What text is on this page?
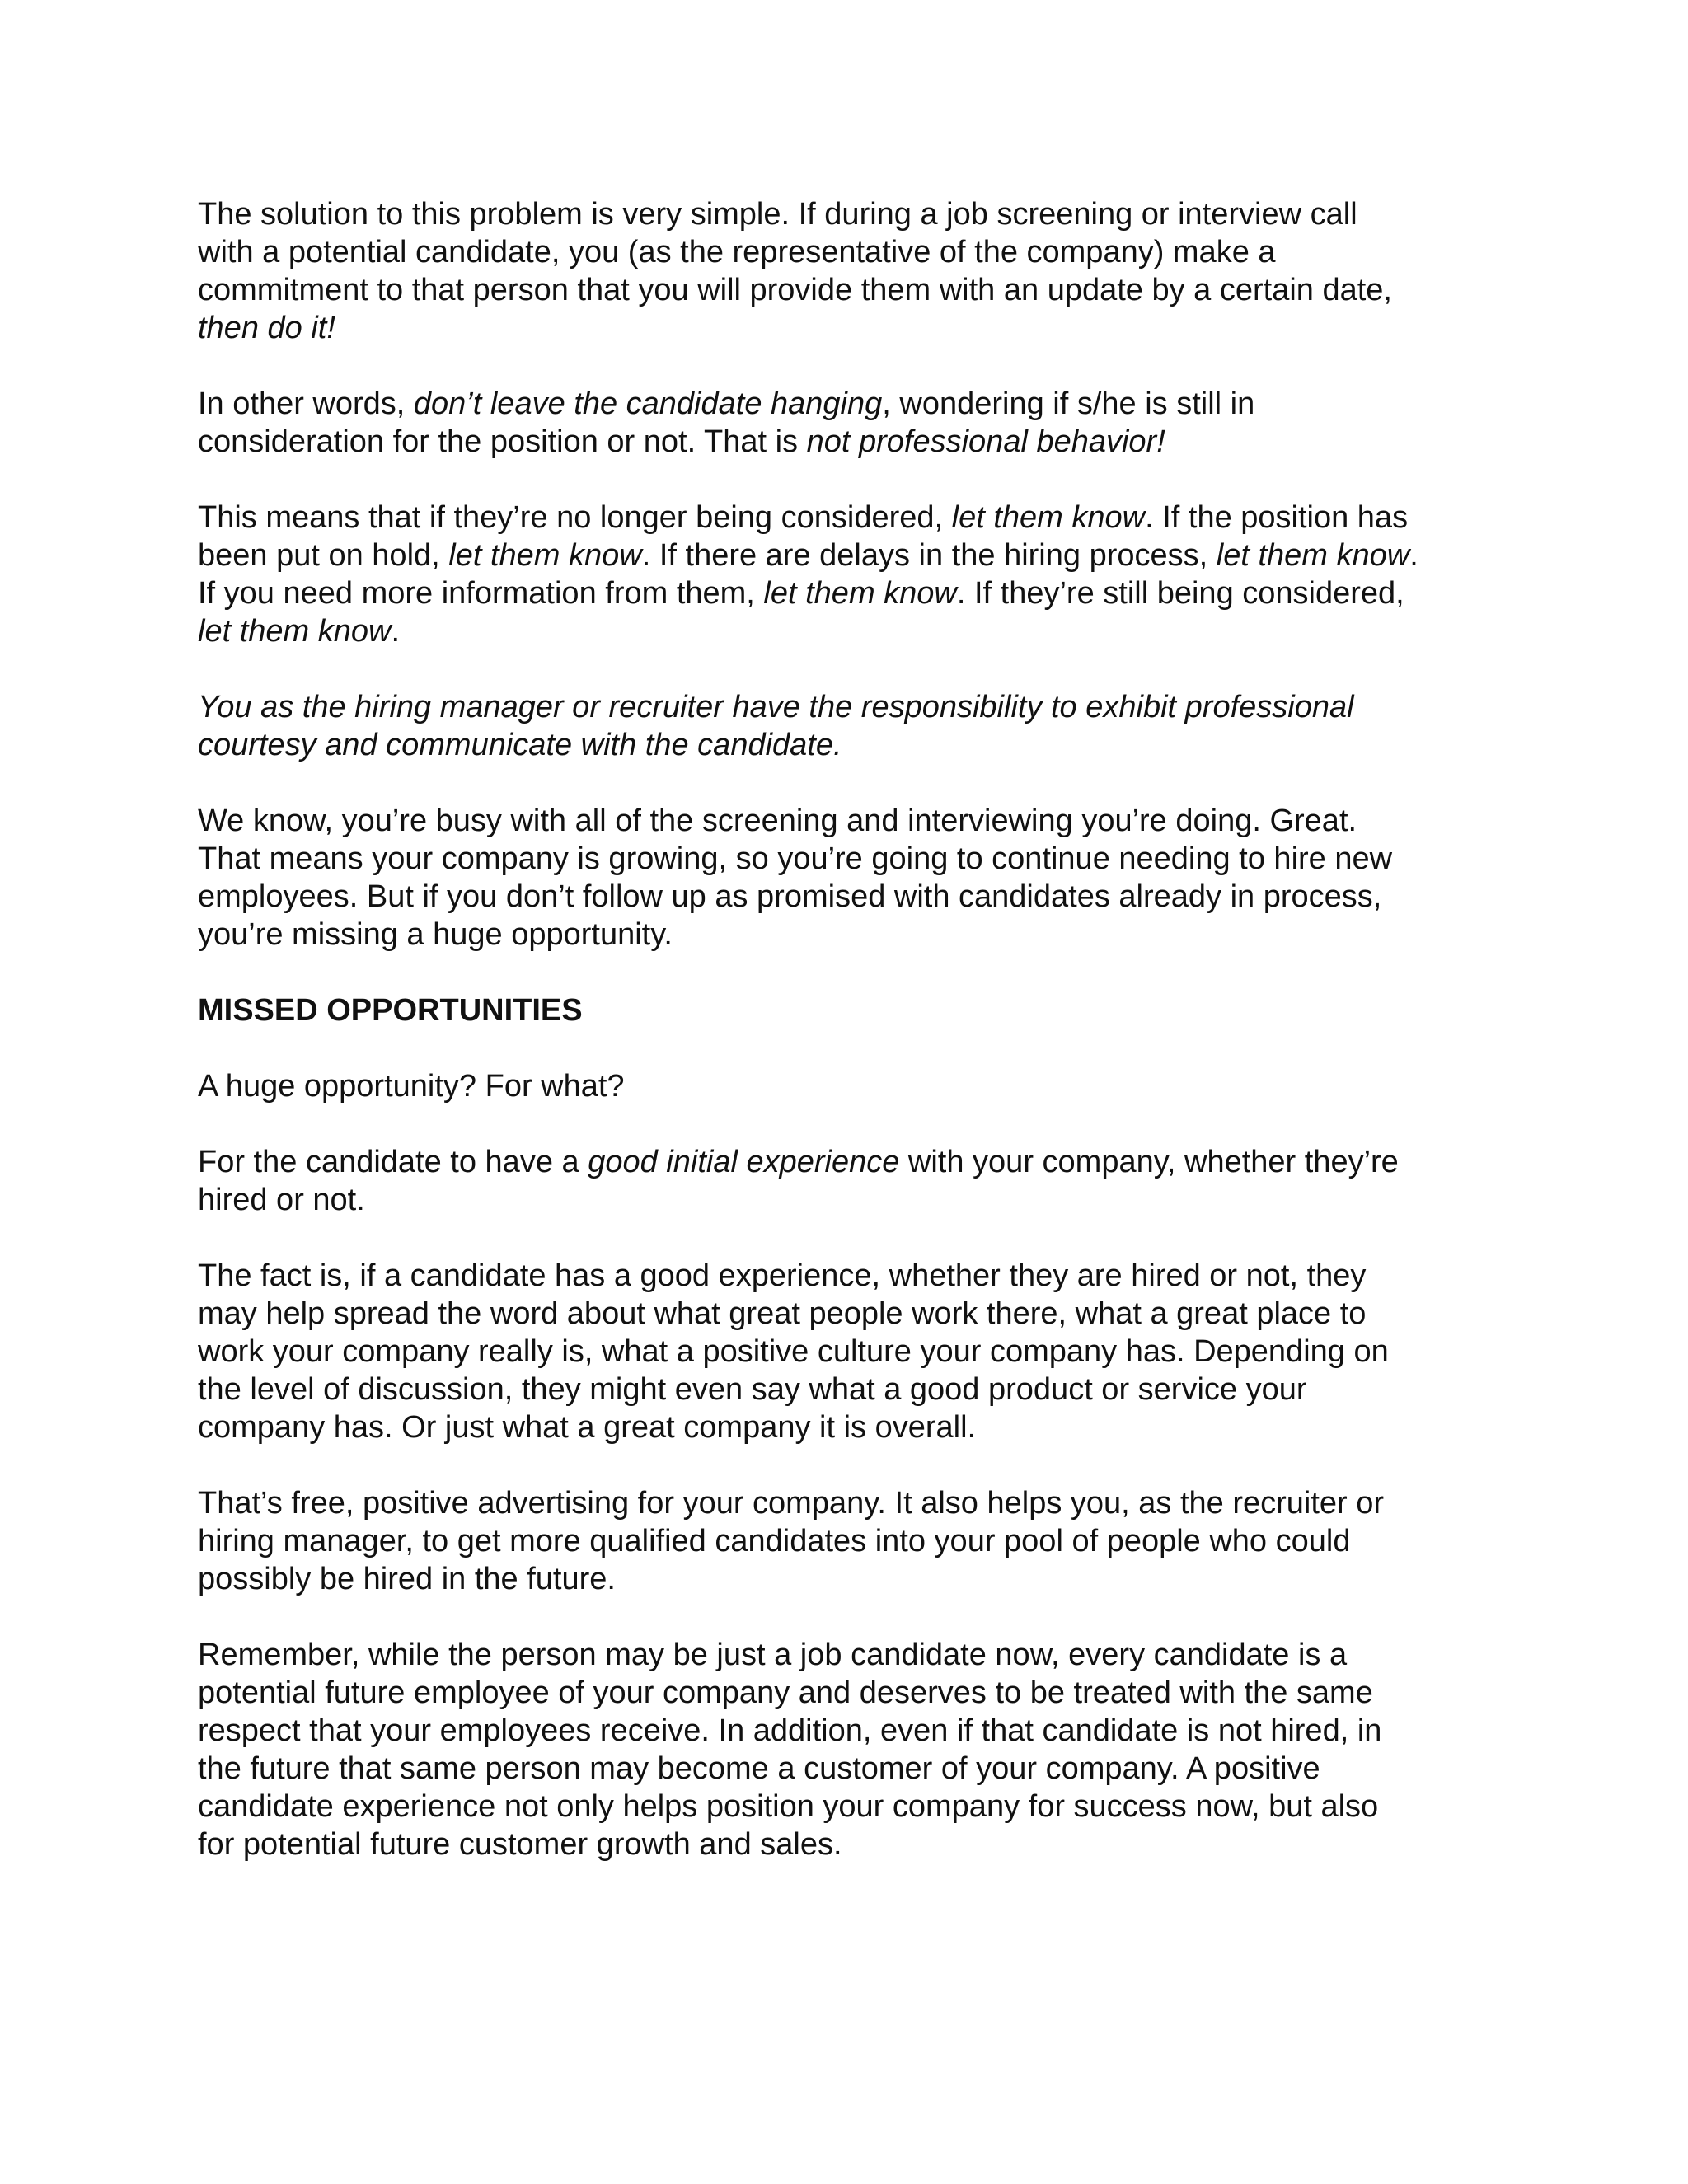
The solution to this problem is very simple. If during a job screening or interview call
with a potential candidate, you (as the representative of the company) make a
commitment to that person that you will provide them with an update by a certain date,
then do it!
In other words, don’t leave the candidate hanging, wondering if s/he is still in
consideration for the position or not. That is not professional behavior!
This means that if they’re no longer being considered, let them know. If the position has
been put on hold, let them know. If there are delays in the hiring process, let them know.
If you need more information from them, let them know. If they’re still being considered,
let them know.
You as the hiring manager or recruiter have the responsibility to exhibit professional
courtesy and communicate with the candidate.
We know, you’re busy with all of the screening and interviewing you’re doing. Great.
That means your company is growing, so you’re going to continue needing to hire new
employees. But if you don’t follow up as promised with candidates already in process,
you’re missing a huge opportunity.
MISSED OPPORTUNITIES
A huge opportunity? For what?
For the candidate to have a good initial experience with your company, whether they’re
hired or not.
The fact is, if a candidate has a good experience, whether they are hired or not, they
may help spread the word about what great people work there, what a great place to
work your company really is, what a positive culture your company has. Depending on
the level of discussion, they might even say what a good product or service your
company has. Or just what a great company it is overall.
That’s free, positive advertising for your company. It also helps you, as the recruiter or
hiring manager, to get more qualified candidates into your pool of people who could
possibly be hired in the future.
Remember, while the person may be just a job candidate now, every candidate is a
potential future employee of your company and deserves to be treated with the same
respect that your employees receive. In addition, even if that candidate is not hired, in
the future that same person may become a customer of your company. A positive
candidate experience not only helps position your company for success now, but also
for potential future customer growth and sales.
